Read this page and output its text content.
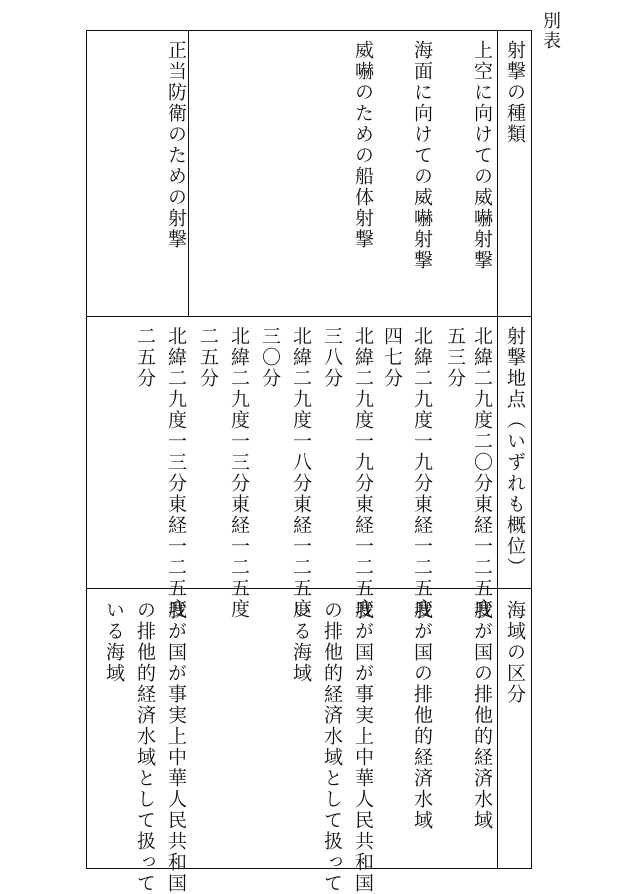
別表
射撃の種類
射撃地点（いずれも概位）
海域の区分
上空に向けての威嚇射撃
北緯二九度二〇分東経一二五度
五三分
我が国の排他的経済水域
海面に向けての威嚇射撃
北緯二九度一九分東経一二五度
四七分
我が国の排他的経済水域
威嚇のための船体射撃
北緯二九度一九分東経一二五度
三八分
北緯二九度一八分東経一二五度
三〇分
北緯二九度一三分東経一二五度
二五分
我が国が事実上中華人民共和国
の排他的経済水域として扱って
いる海域
正当防衛のための射撃
北緯二九度一三分東経一二五度
二五分
我が国が事実上中華人民共和国
の排他的経済水域として扱って
いる海域
